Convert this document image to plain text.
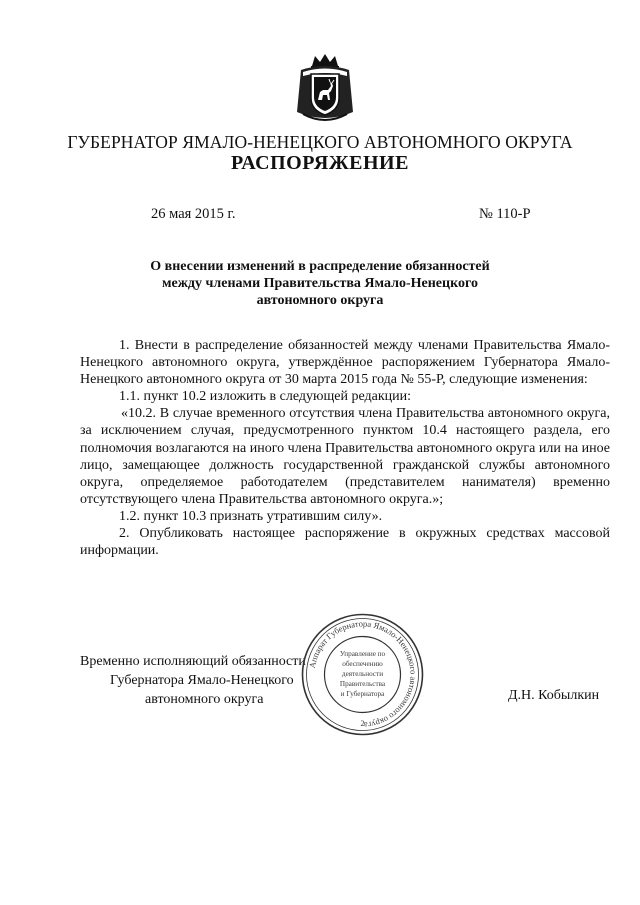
ГУБЕРНАТОР ЯМАЛО-НЕНЕЦКОГО АВТОНОМНОГО ОКРУГА
РАСПОРЯЖЕНИЕ
26 мая 2015 г.	№ 110-Р
О внесении изменений в распределение обязанностей
между членами Правительства Ямало-Ненецкого
автономного округа

1. Внести в распределение обязанностей между членами Правительства Ямало-Ненецкого автономного округа, утверждённое распоряжением Губернатора Ямало-Ненецкого автономного округа от 30 марта 2015 года № 55-Р, следующие изменения:

1.1. пункт 10.2 изложить в следующей редакции:

«10.2. В случае временного отсутствия члена Правительства автономного округа, за исключением случая, предусмотренного пунктом 10.4 настоящего раздела, его полномочия возлагаются на иного члена Правительства автономного округа или на иное лицо, замещающее должность государственной гражданской службы автономного округа, определяемое работодателем (представителем нанимателя) временно отсутствующего члена Правительства автономного округа.»;

1.2. пункт 10.3 признать утратившим силу».

2. Опубликовать настоящее распоряжение в окружных средствах массовой информации.

Временно исполняющий обязанности
Губернатора Ямало-Ненецкого
автономного округа	Д.Н. Кобылкин
Аппарат Губернатора Ямало-Ненецкого автономного округа
Управление по
обеспечению
деятельности
Правительства
и Губернатора
2
